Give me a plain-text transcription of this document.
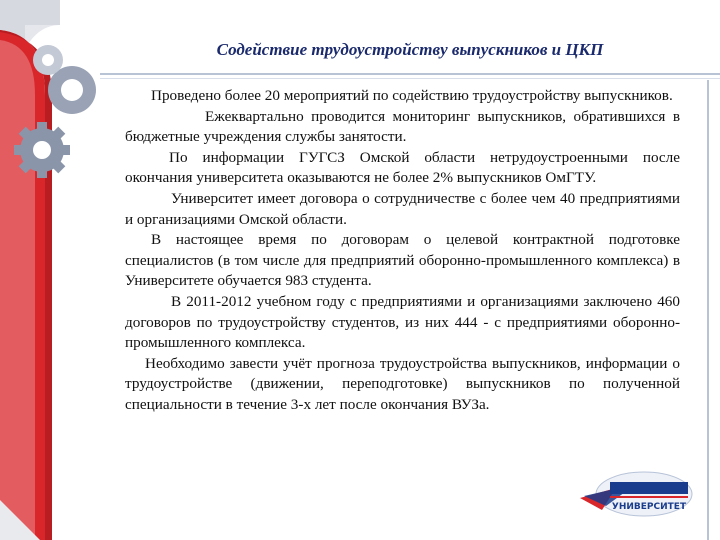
Содействие трудоустройству выпускников и ЦКП

Проведено более 20 мероприятий по содействию трудоустройству выпускников.

Ежеквартально проводится мониторинг выпускников, обратившихся в бюджетные учреждения службы занятости.

По информации ГУГСЗ Омской области нетрудоустроенными после окончания университета оказываются не более 2% выпускников ОмГТУ.

Университет имеет договора о сотрудничестве с более чем 40 предприятиями и организациями Омской области.

В настоящее время по договорам о целевой контрактной подготовке специалистов (в том числе для предприятий оборонно-промышленного комплекса) в Университете обучается 983 студента.

В 2011-2012 учебном году с предприятиями и организациями заключено 460 договоров по трудоустройству студентов, из них 444 - с предприятиями оборонно-промышленного комплекса.

Необходимо завести учёт прогноза трудоустройства выпускников, информации о трудоустройстве (движении, переподготовке) выпускников по полученной специальности в течение 3-х лет после окончания ВУЗа.

УНИВЕРСИТЕТ
